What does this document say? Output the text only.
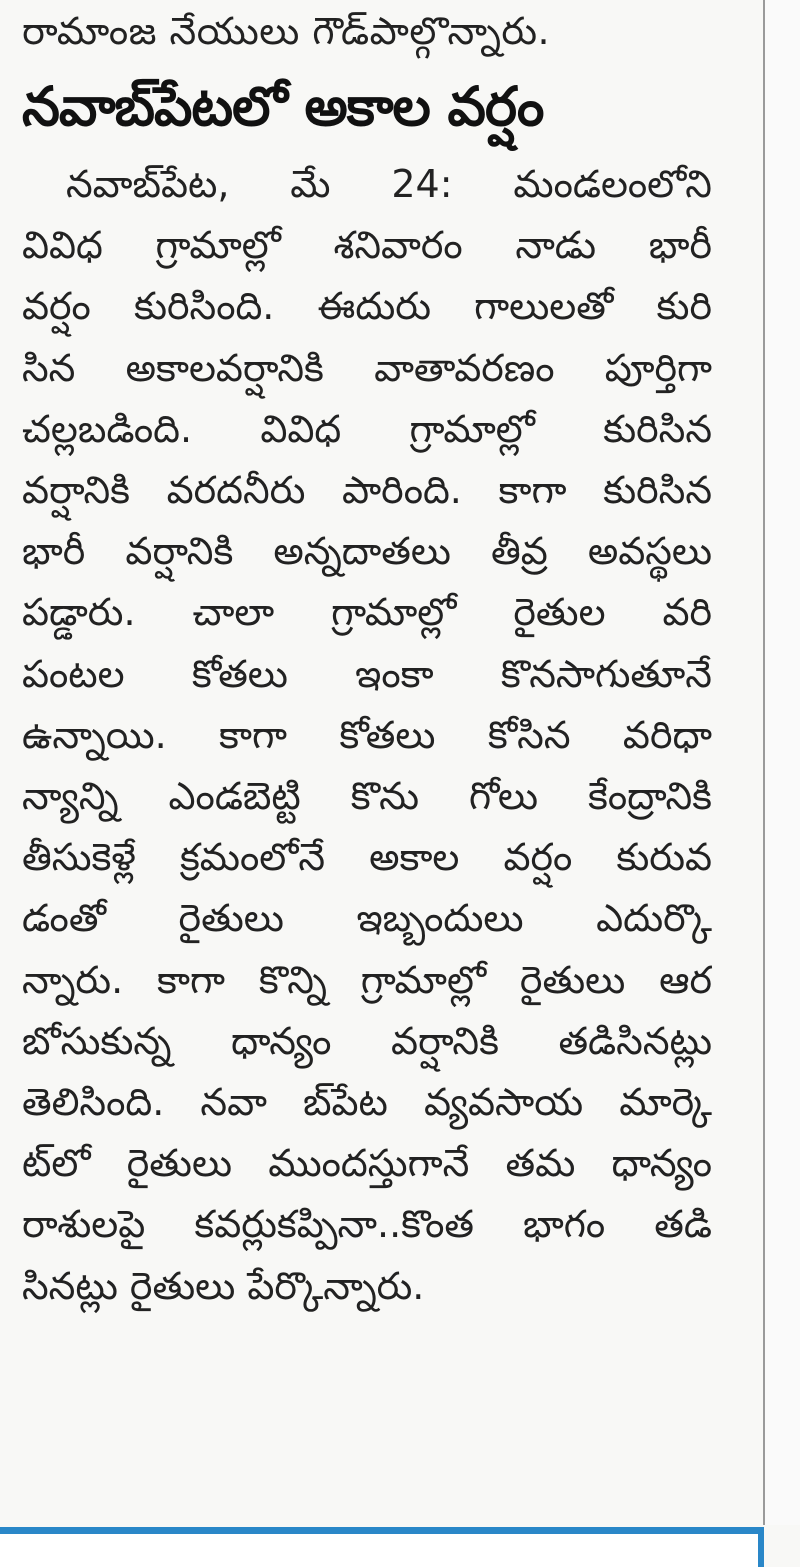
రామాంజ నేయులు గౌడ్‌పాల్గొన్నారు.

నవాబ్‌పేటలో అకాల వర్షం
నవాబ్‌పేట, మే 24: మండలంలోని
వివిధ గ్రామాల్లో శనివారం నాడు భారీ
వర్షం కురిసింది. ఈదురు గాలులతో కురి
సిన అకాలవర్షానికి వాతావరణం పూర్తిగా
చల్లబడింది. వివిధ గ్రామాల్లో కురిసిన
వర్షానికి వరదనీరు పారింది. కాగా కురిసిన
భారీ వర్షానికి అన్నదాతలు తీవ్ర అవస్థలు
పడ్డారు. చాలా గ్రామాల్లో రైతుల వరి
పంటల కోతలు ఇంకా కొనసాగుతూనే
ఉన్నాయి. కాగా కోతలు కోసిన వరిధా
న్యాన్ని ఎండబెట్టి కొను గోలు కేంద్రానికి
తీసుకెళ్లే క్రమంలోనే అకాల వర్షం కురువ
డంతో రైతులు ఇబ్బందులు ఎదుర్కొ
న్నారు. కాగా కొన్ని గ్రామాల్లో రైతులు ఆర
బోసుకున్న ధాన్యం వర్షానికి తడిసినట్లు
తెలిసింది. నవా బ్‌పేట వ్యవసాయ మార్కె
ట్‌లో రైతులు ముందస్తుగానే తమ ధాన్యం
రాశులపై కవర్లుకప్పినా..కొంత భాగం తడి
సినట్లు రైతులు పేర్కొన్నారు.
